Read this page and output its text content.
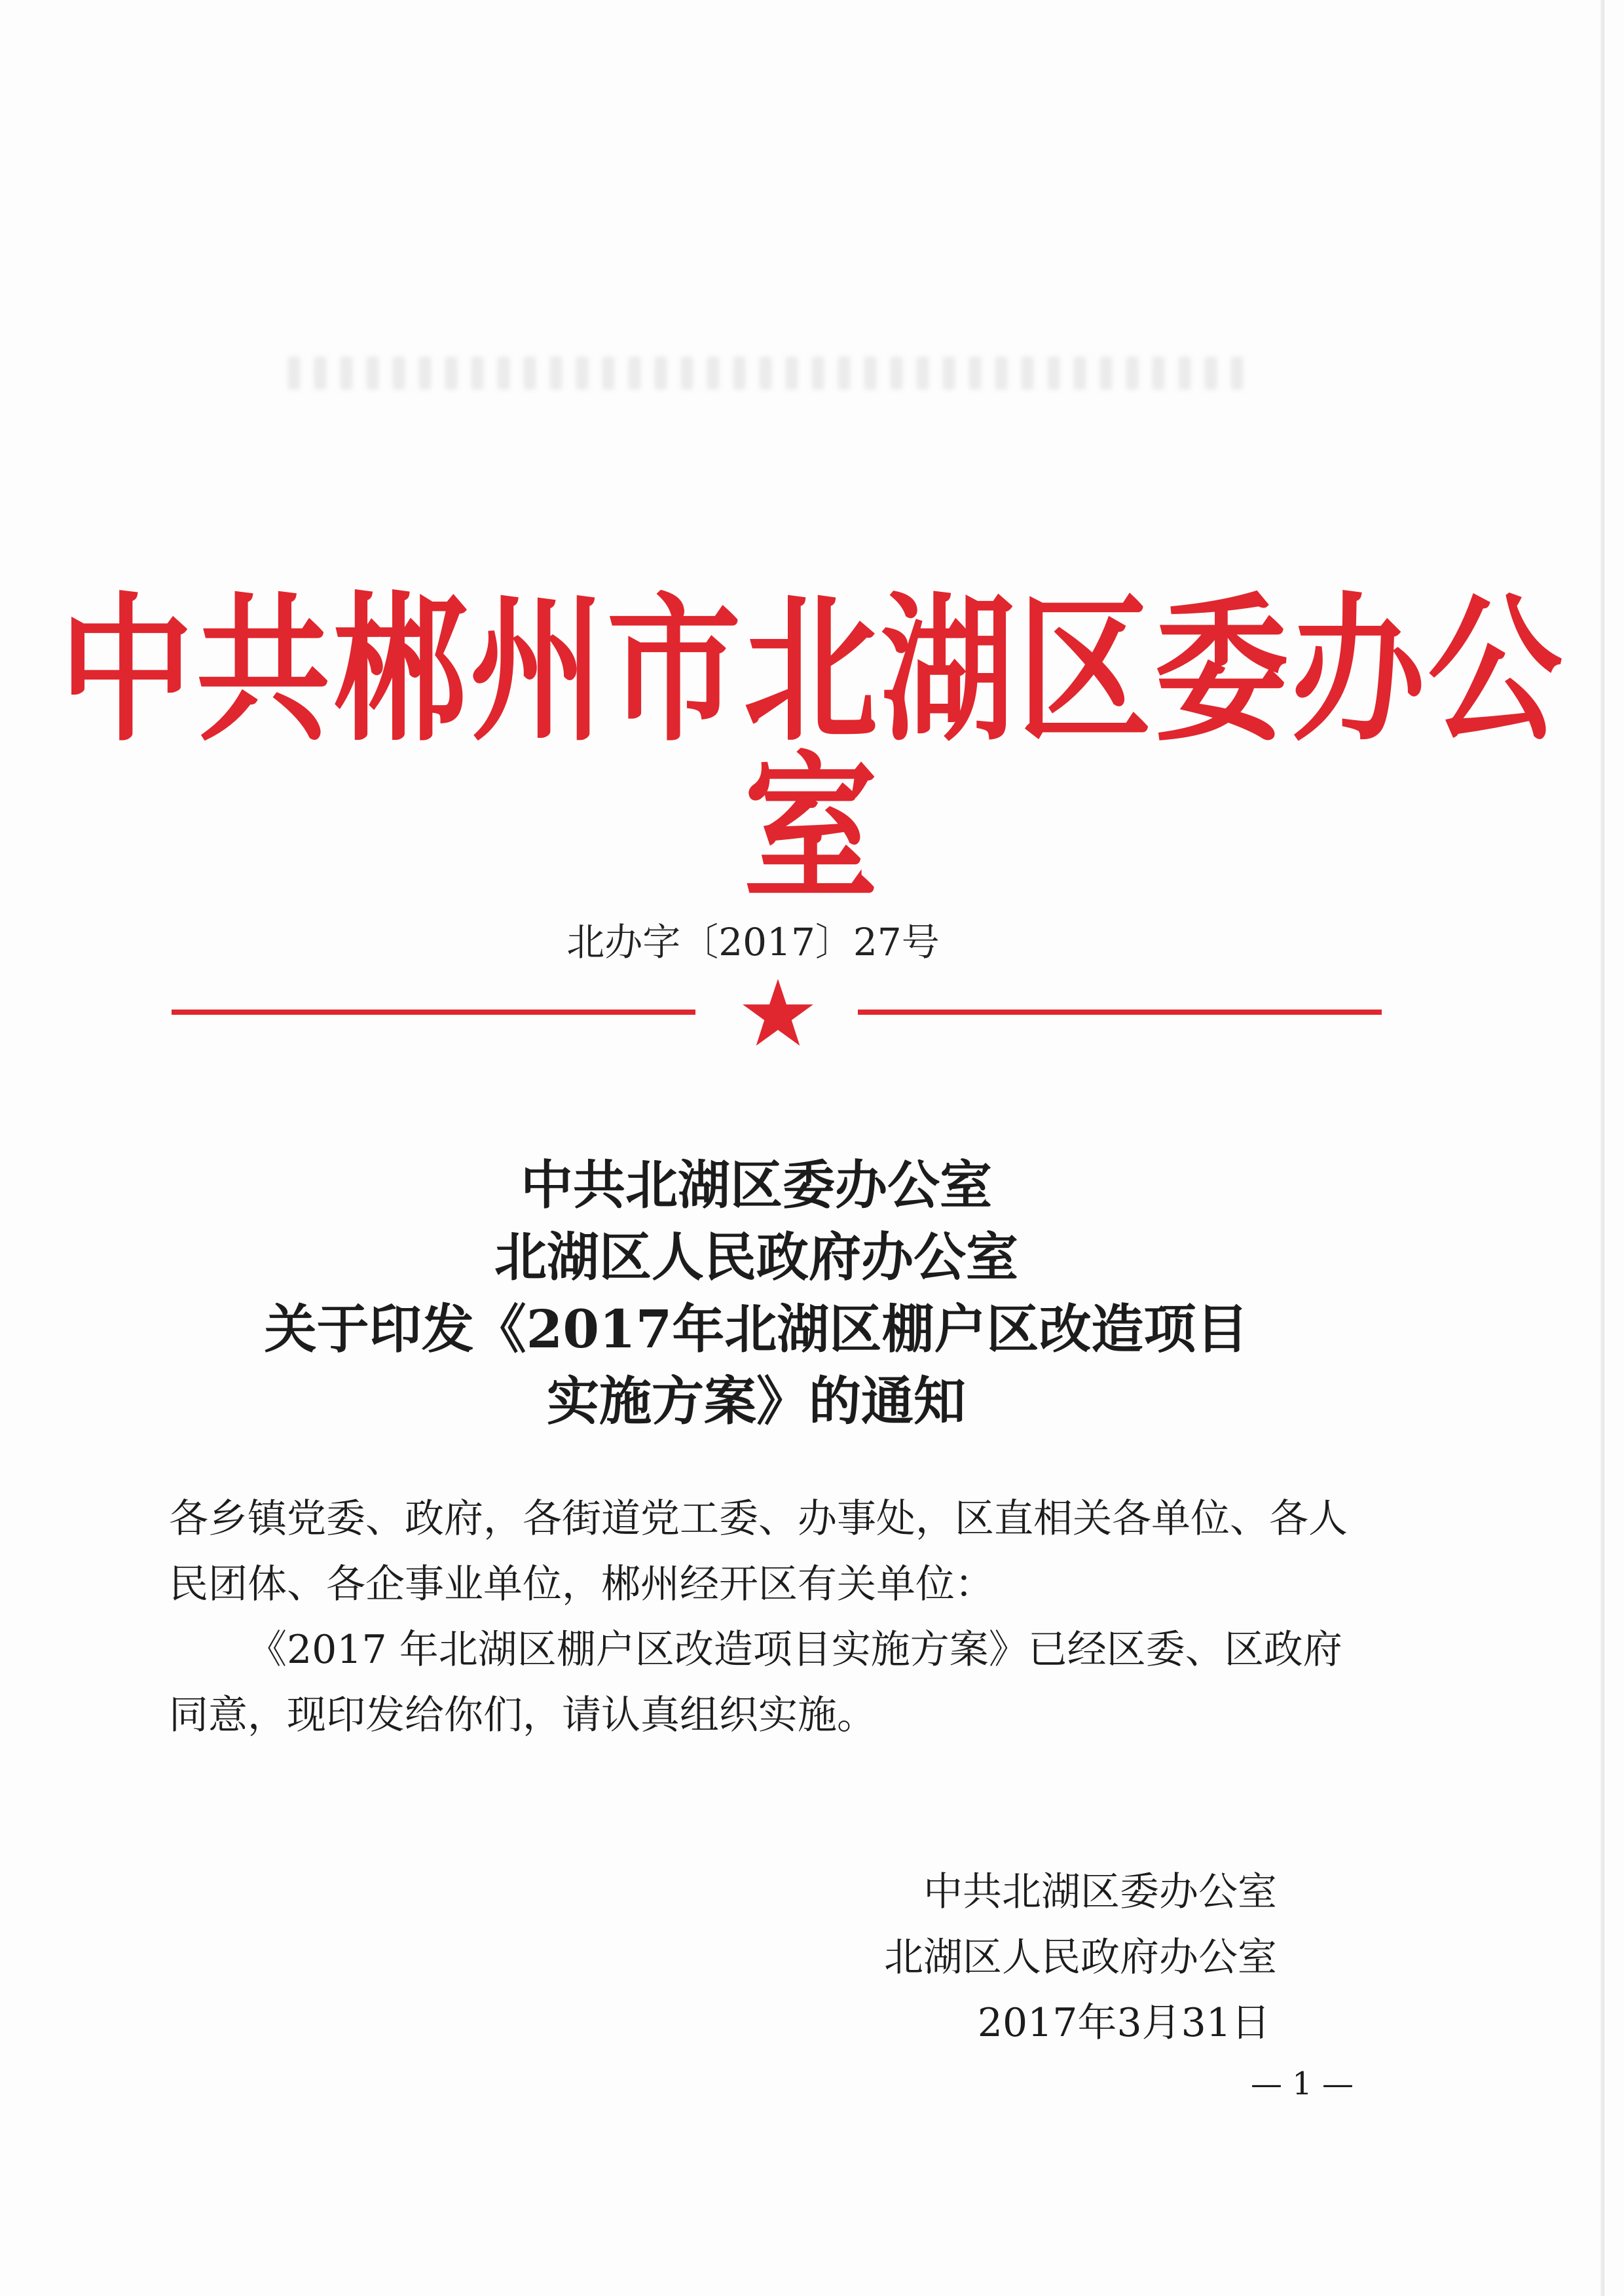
中共郴州市北湖区委办公室
北办字〔2017〕27号
中共北湖区委办公室
北湖区人民政府办公室
关于印发《2017年北湖区棚户区改造项目
实施方案》的通知

各乡镇党委、政府，各街道党工委、办事处，区直相关各单位、各人民团体、各企事业单位，郴州经开区有关单位：

《2017 年北湖区棚户区改造项目实施方案》已经区委、区政府同意，现印发给你们，请认真组织实施。

中共北湖区委办公室
北湖区人民政府办公室
2017年3月31日
— 1 —
